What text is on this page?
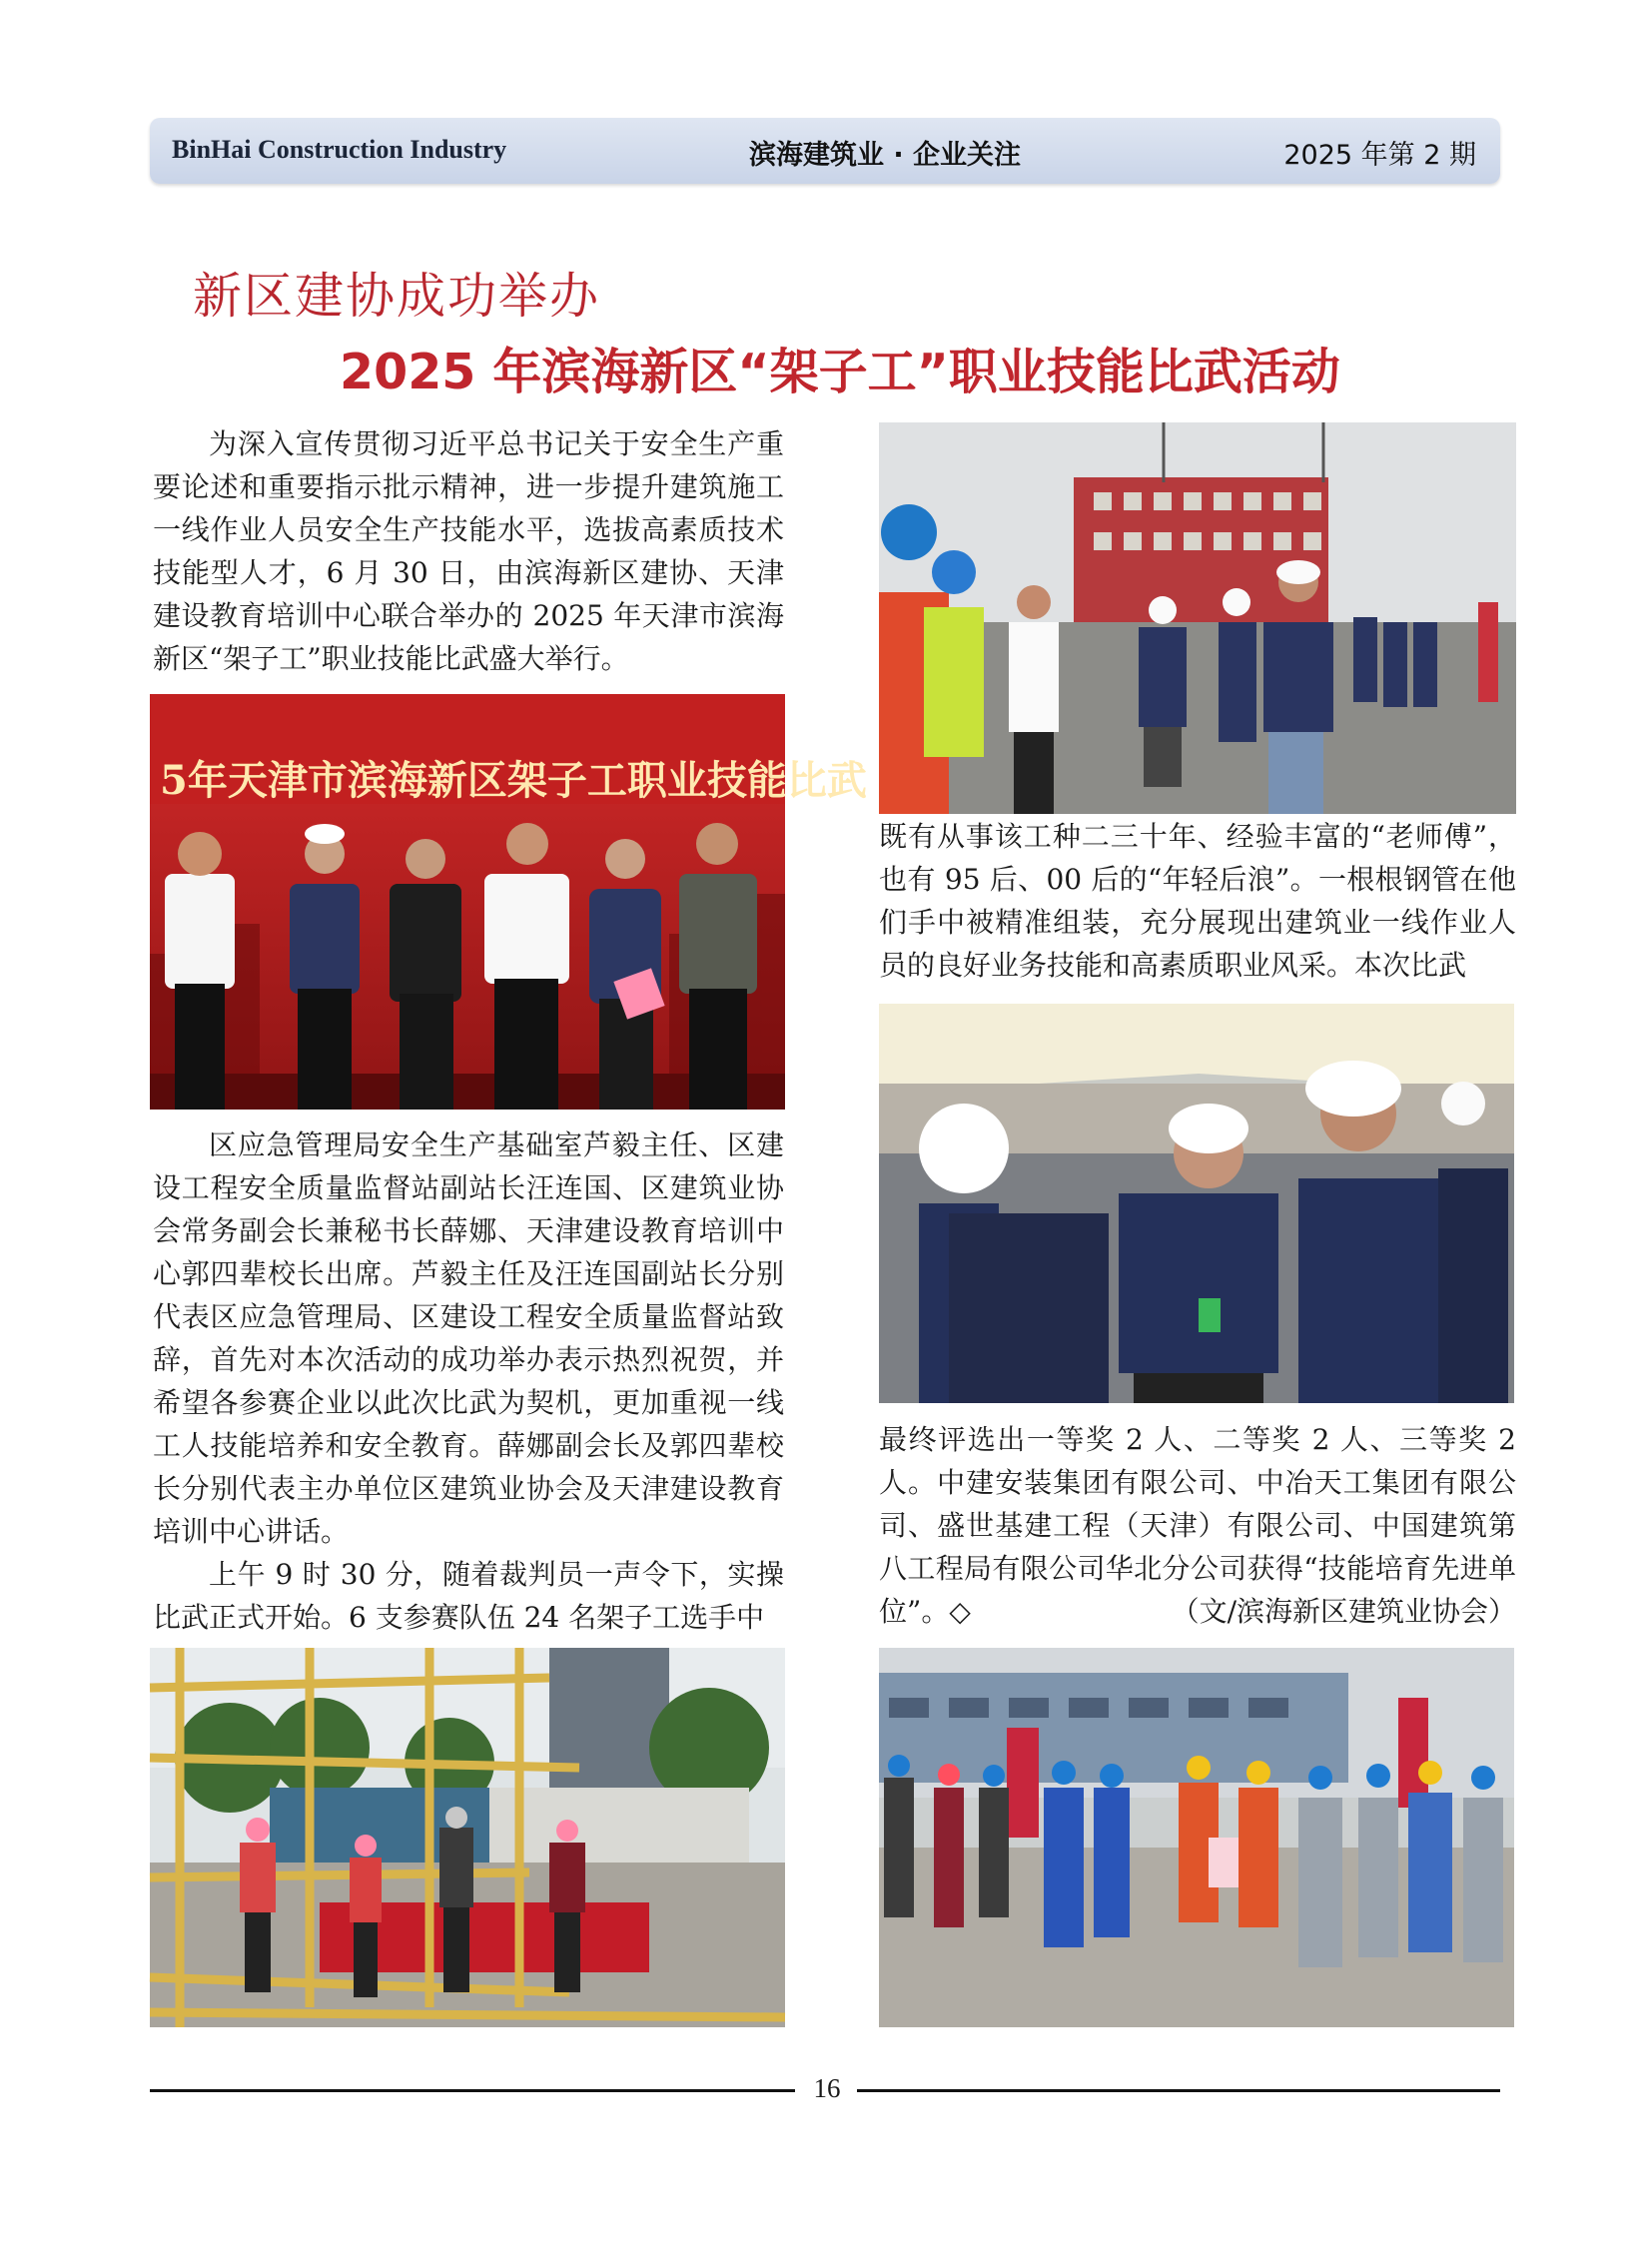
BinHai Construction Industry	滨海建筑业 · 企业关注	2025 年第 2 期
新区建协成功举办
2025 年滨海新区“架子工”职业技能比武活动

为深入宣传贯彻习近平总书记关于安全生产重要论述和重要指示批示精神，进一步提升建筑施工一线作业人员安全生产技能水平，选拔高素质技术技能型人才，6 月 30 日，由滨海新区建协、天津建设教育培训中心联合举办的 2025 年天津市滨海新区“架子工”职业技能比武盛大举行。

5年天津市滨海新区架子工职业技能比武

区应急管理局安全生产基础室芦毅主任、区建设工程安全质量监督站副站长汪连国、区建筑业协会常务副会长兼秘书长薛娜、天津建设教育培训中心郭四辈校长出席。芦毅主任及汪连国副站长分别代表区应急管理局、区建设工程安全质量监督站致辞，首先对本次活动的成功举办表示热烈祝贺，并希望各参赛企业以此次比武为契机，更加重视一线工人技能培养和安全教育。薛娜副会长及郭四辈校长分别代表主办单位区建筑业协会及天津建设教育培训中心讲话。

上午 9 时 30 分，随着裁判员一声令下，实操比武正式开始。6 支参赛队伍 24 名架子工选手中

既有从事该工种二三十年、经验丰富的“老师傅”，也有 95 后、00 后的“年轻后浪”。一根根钢管在他们手中被精准组装，充分展现出建筑业一线作业人员的良好业务技能和高素质职业风采。本次比武

最终评选出一等奖 2 人、二等奖 2 人、三等奖 2 人。中建安装集团有限公司、中冶天工集团有限公司、盛世基建工程（天津）有限公司、中国建筑第八工程局有限公司华北分公司获得“技能培育先进单位”。◇	（文/滨海新区建筑业协会）

16
